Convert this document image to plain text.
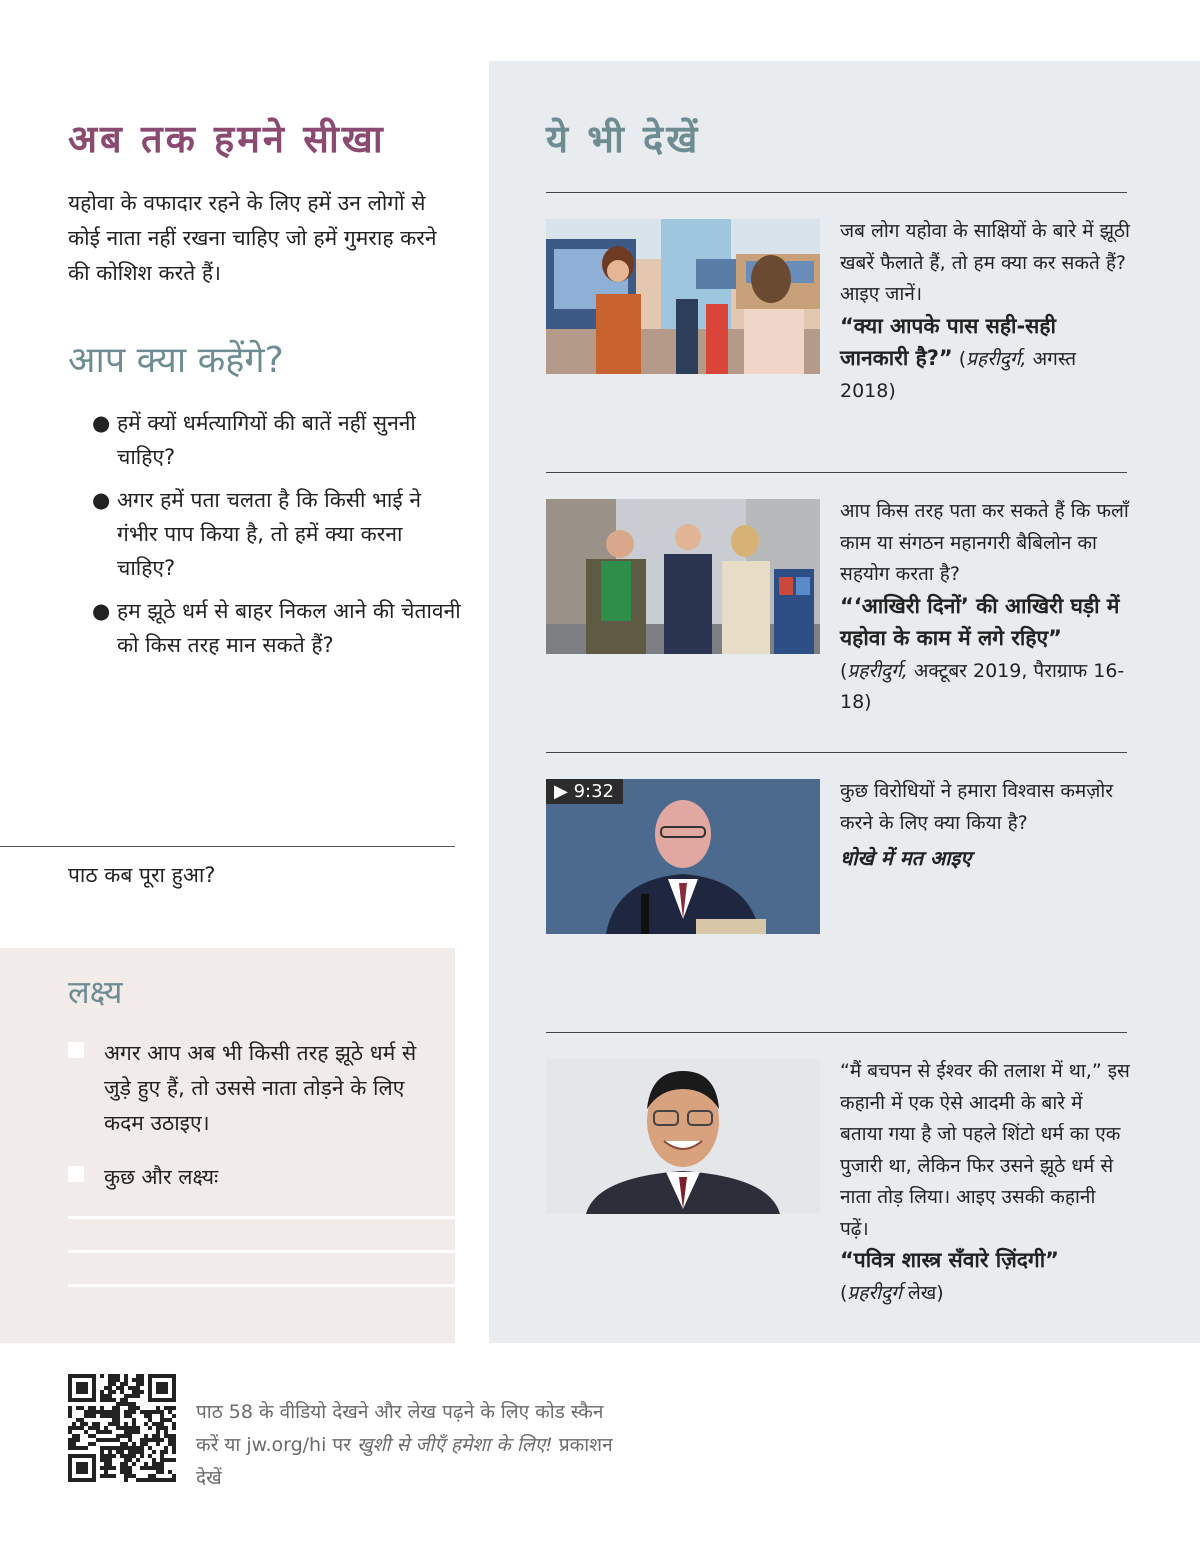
अब तक हमने सीखा

यहोवा के वफादार रहने के लिए हमें उन लोगों से कोई नाता नहीं रखना चाहिए जो हमें गुमराह करने की कोशिश करते हैं।

आप क्या कहेंगे?
● हमें क्यों धर्मत्यागियों की बातें नहीं सुननी चाहिए?
● अगर हमें पता चलता है कि किसी भाई ने गंभीर पाप किया है, तो हमें क्या करना चाहिए?
● हम झूठे धर्म से बाहर निकल आने की चेतावनी को किस तरह मान सकते हैं?

पाठ कब पूरा हुआ?

लक्ष्य
अगर आप अब भी किसी तरह झूठे धर्म से जुड़े हुए हैं, तो उससे नाता तोड़ने के लिए कदम उठाइए।
कुछ और लक्ष्यः
ये भी देखें
जब लोग यहोवा के साक्षियों के बारे में झूठी खबरें फैलाते हैं, तो हम क्या कर सकते हैं? आइए जानें।
“क्या आपके पास सही-सही जानकारी है?” (प्रहरीदुर्ग, अगस्त 2018)
आप किस तरह पता कर सकते हैं कि फलाँ काम या संगठन महानगरी बैबिलोन का सहयोग करता है?
“‘आखिरी दिनों’ की आखिरी घड़ी में यहोवा के काम में लगे रहिए” (प्रहरीदुर्ग, अक्टूबर 2019, पैराग्राफ 16-18)
▶ 9:32	कुछ विरोधियों ने हमारा विश्वास कमज़ोर करने के लिए क्या किया है?
धोखे में मत आइए
“मैं बचपन से ईश्वर की तलाश में था,” इस कहानी में एक ऐसे आदमी के बारे में बताया गया है जो पहले शिंटो धर्म का एक पुजारी था, लेकिन फिर उसने झूठे धर्म से नाता तोड़ लिया। आइए उसकी कहानी पढ़ें।
“पवित्र शास्त्र सँवारे ज़िंदगी”
(प्रहरीदुर्ग लेख)

पाठ 58 के वीडियो देखने और लेख पढ़ने के लिए कोड स्कैन करें या jw.org/hi पर खुशी से जीएँ हमेशा के लिए! प्रकाशन देखें
